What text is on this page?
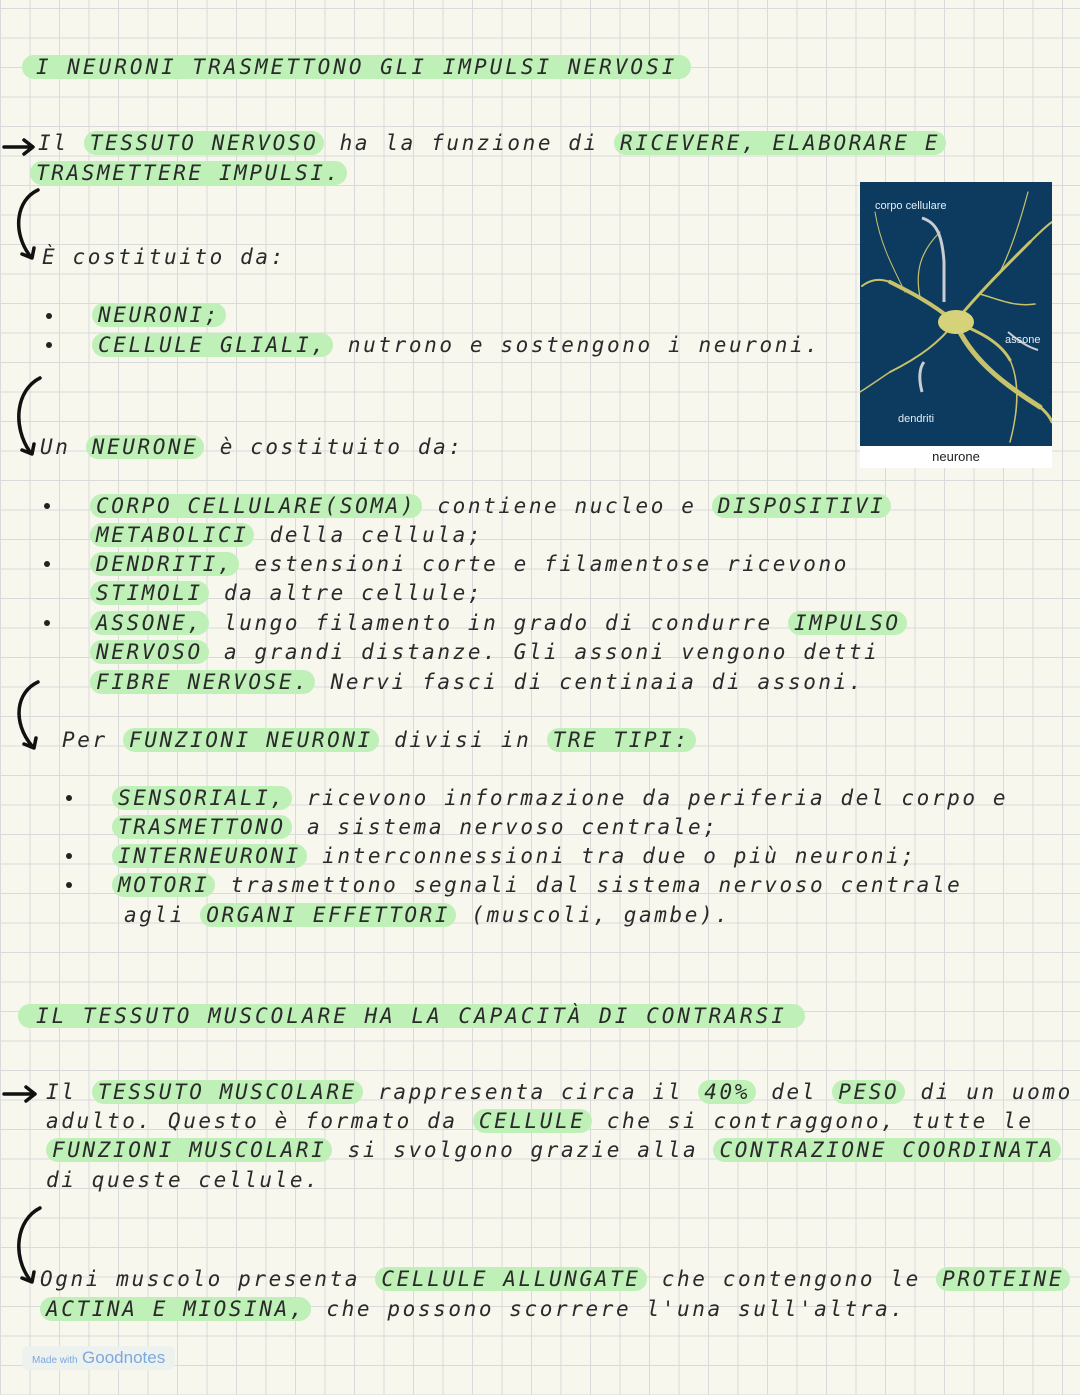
I NEURONI TRASMETTONO GLI IMPULSI NERVOSI
Il TESSUTO NERVOSO ha la funzione di RICEVERE, ELABORARE E
TRASMETTERE IMPULSI.
È costituito da:
NEURONI;
CELLULE GLIALI, nutrono e sostengono i neuroni.
corpo cellulare
assone
dendriti
neurone
Un NEURONE è costituito da:
CORPO CELLULARE(SOMA) contiene nucleo e DISPOSITIVI
METABOLICI della cellula;
DENDRITI, estensioni corte e filamentose ricevono
STIMOLI da altre cellule;
ASSONE, lungo filamento in grado di condurre IMPULSO
NERVOSO a grandi distanze. Gli assoni vengono detti
FIBRE NERVOSE. Nervi fasci di centinaia di assoni.
Per FUNZIONI NEURONI divisi in TRE TIPI:
SENSORIALI, ricevono informazione da periferia del corpo e
TRASMETTONO a sistema nervoso centrale;
INTERNEURONI interconnessioni tra due o più neuroni;
MOTORI trasmettono segnali dal sistema nervoso centrale
agli ORGANI EFFETTORI (muscoli, gambe).
IL TESSUTO MUSCOLARE HA LA CAPACITÀ DI CONTRARSI
Il TESSUTO MUSCOLARE rappresenta circa il 40% del PESO di un uomo
adulto. Questo è formato da CELLULE che si contraggono, tutte le
FUNZIONI MUSCOLARI si svolgono grazie alla CONTRAZIONE COORDINATA
di queste cellule.
Ogni muscolo presenta CELLULE ALLUNGATE che contengono le PROTEINE
ACTINA E MIOSINA, che possono scorrere l'una sull'altra.
Made with Goodnotes
